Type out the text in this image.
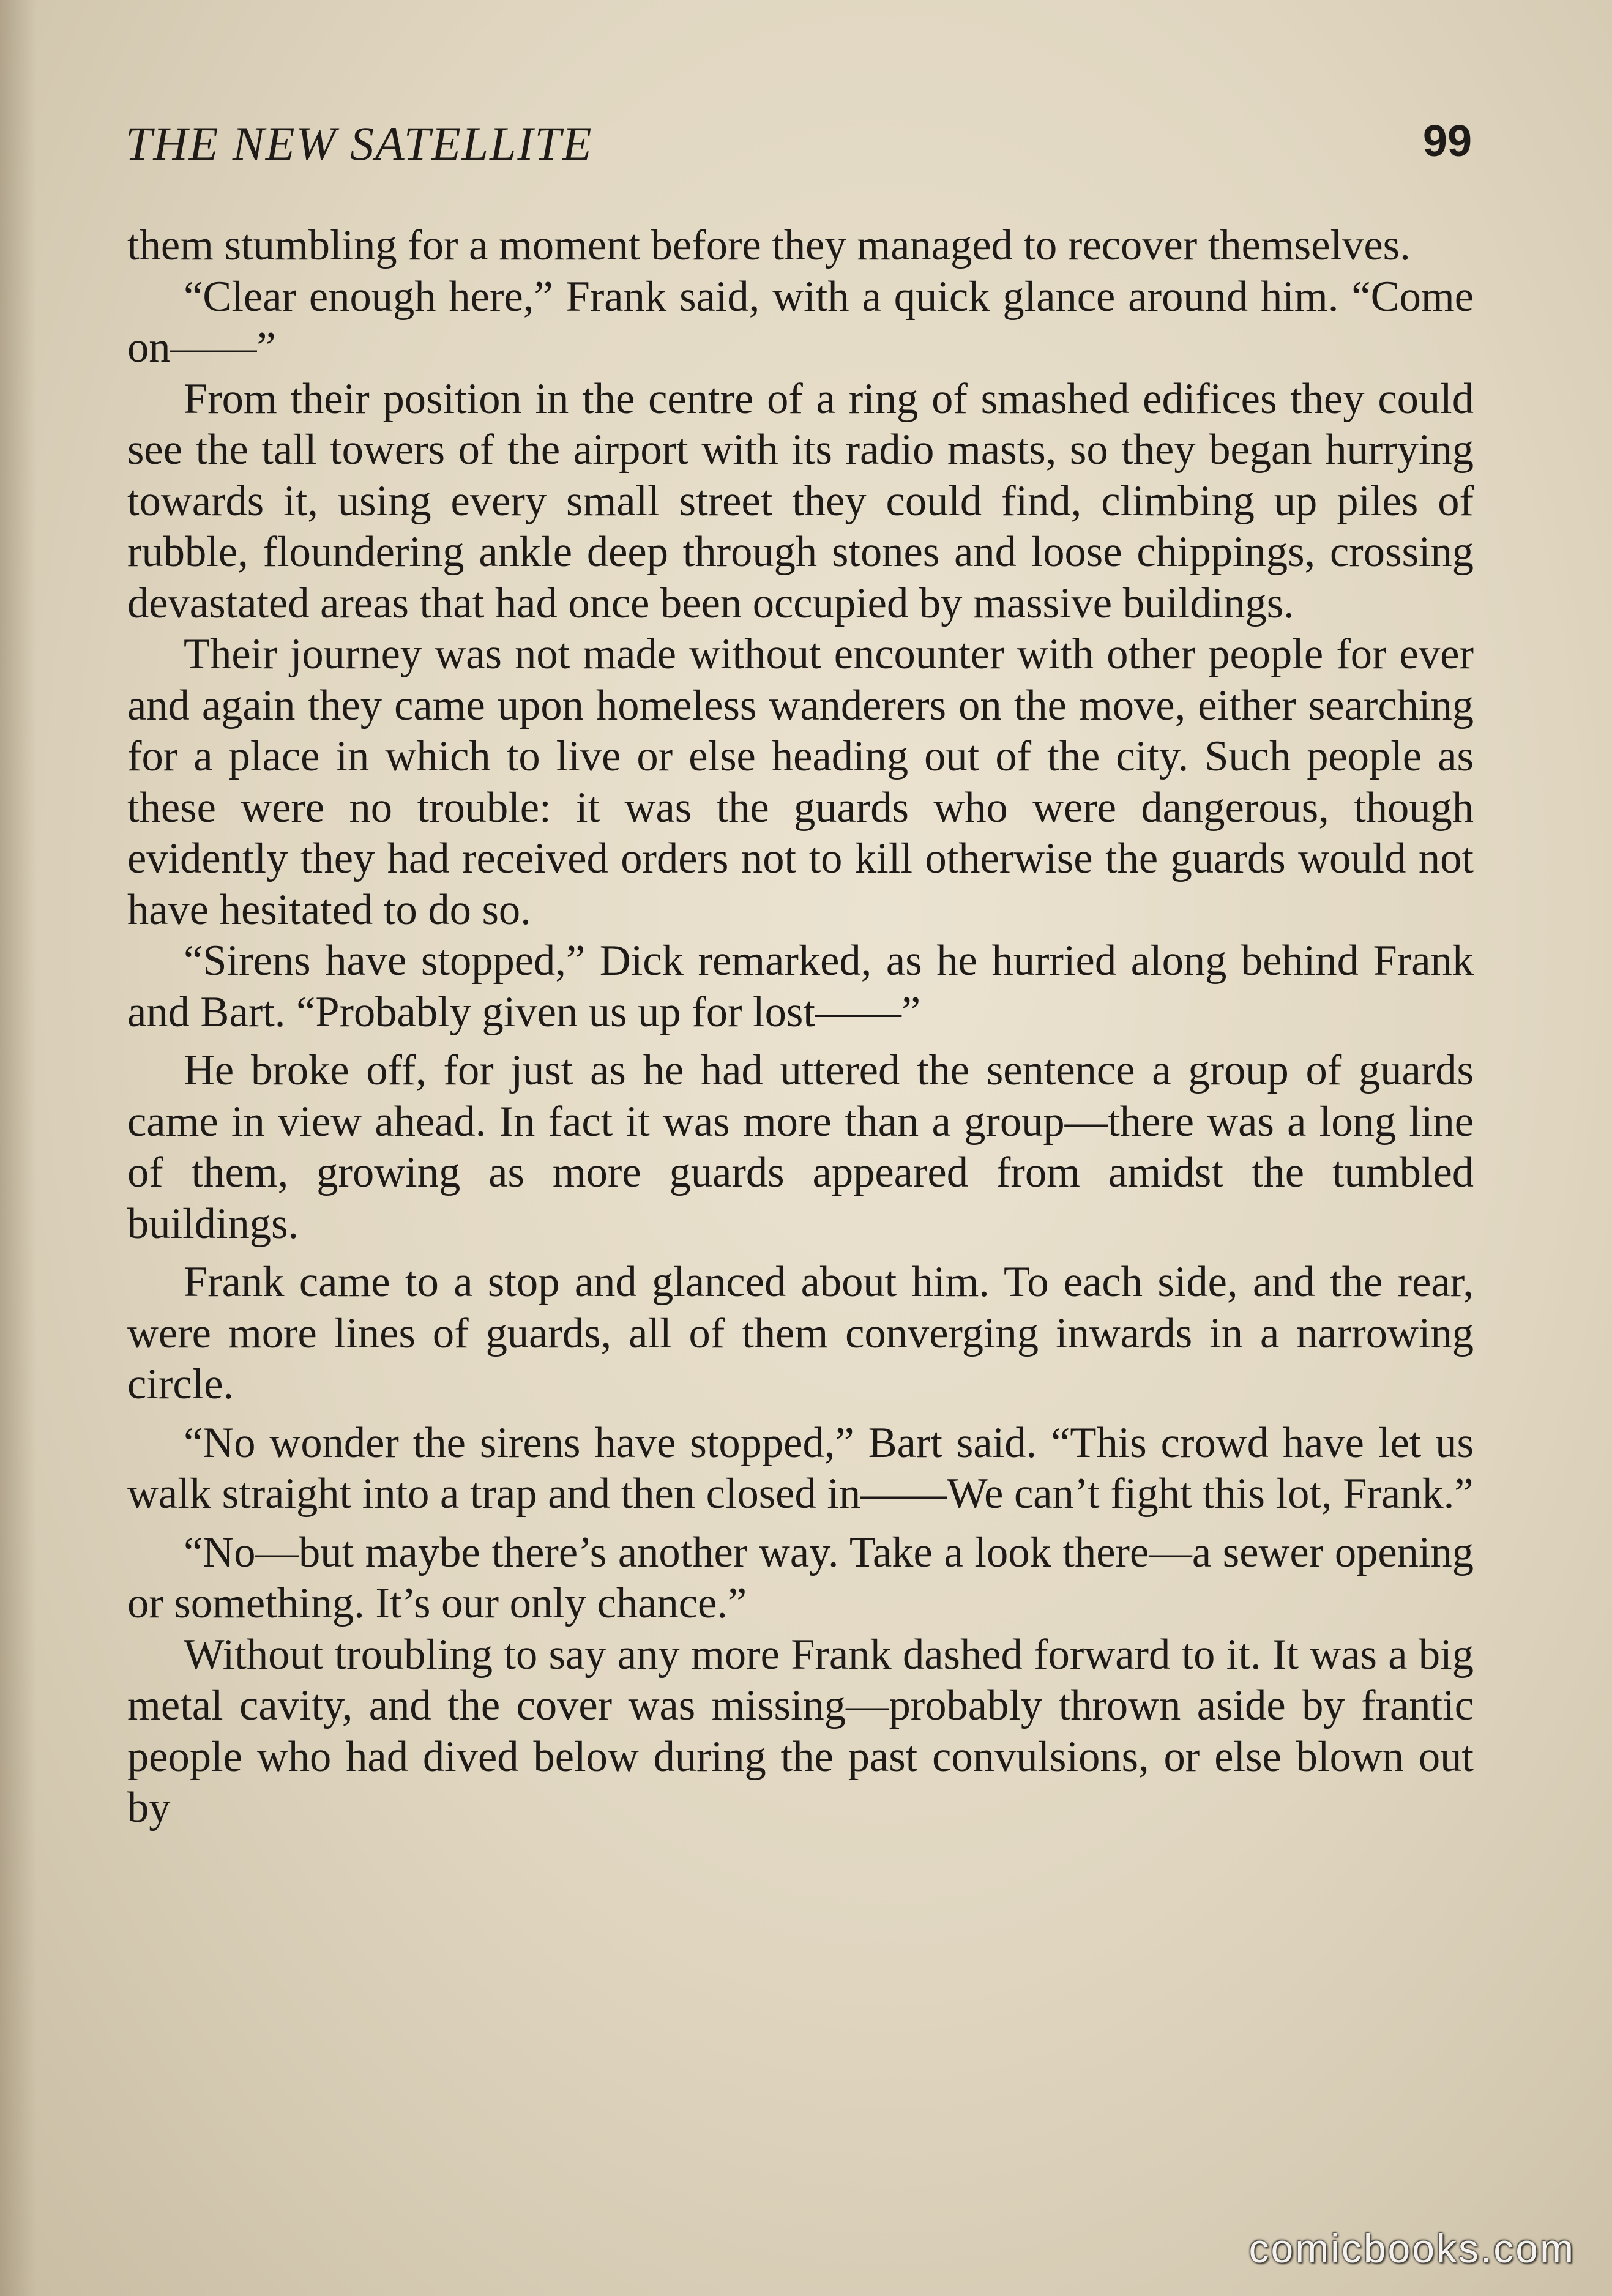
THE NEW SATELLITE	99

them stumbling for a moment before they managed to recover themselves.

“Clear enough here,” Frank said, with a quick glance around him. “Come on——”

From their position in the centre of a ring of smashed edifices they could see the tall towers of the airport with its radio masts, so they began hurrying towards it, using every small street they could find, climbing up piles of rubble, floundering ankle deep through stones and loose chippings, crossing devastated areas that had once been occupied by massive buildings.

Their journey was not made without encounter with other people for ever and again they came upon homeless wanderers on the move, either searching for a place in which to live or else heading out of the city. Such people as these were no trouble: it was the guards who were dangerous, though evidently they had received orders not to kill otherwise the guards would not have hesitated to do so.

“Sirens have stopped,” Dick remarked, as he hurried along behind Frank and Bart. “Probably given us up for lost——”

He broke off, for just as he had uttered the sentence a group of guards came in view ahead. In fact it was more than a group—there was a long line of them, growing as more guards appeared from amidst the tumbled buildings.

Frank came to a stop and glanced about him. To each side, and the rear, were more lines of guards, all of them converging inwards in a narrowing circle.

“No wonder the sirens have stopped,” Bart said. “This crowd have let us walk straight into a trap and then closed in——We can’t fight this lot, Frank.”

“No—but maybe there’s another way. Take a look there—a sewer opening or something. It’s our only chance.”

Without troubling to say any more Frank dashed forward to it. It was a big metal cavity, and the cover was missing—probably thrown aside by frantic people who had dived below during the past convulsions, or else blown out by

comicbooks.com
